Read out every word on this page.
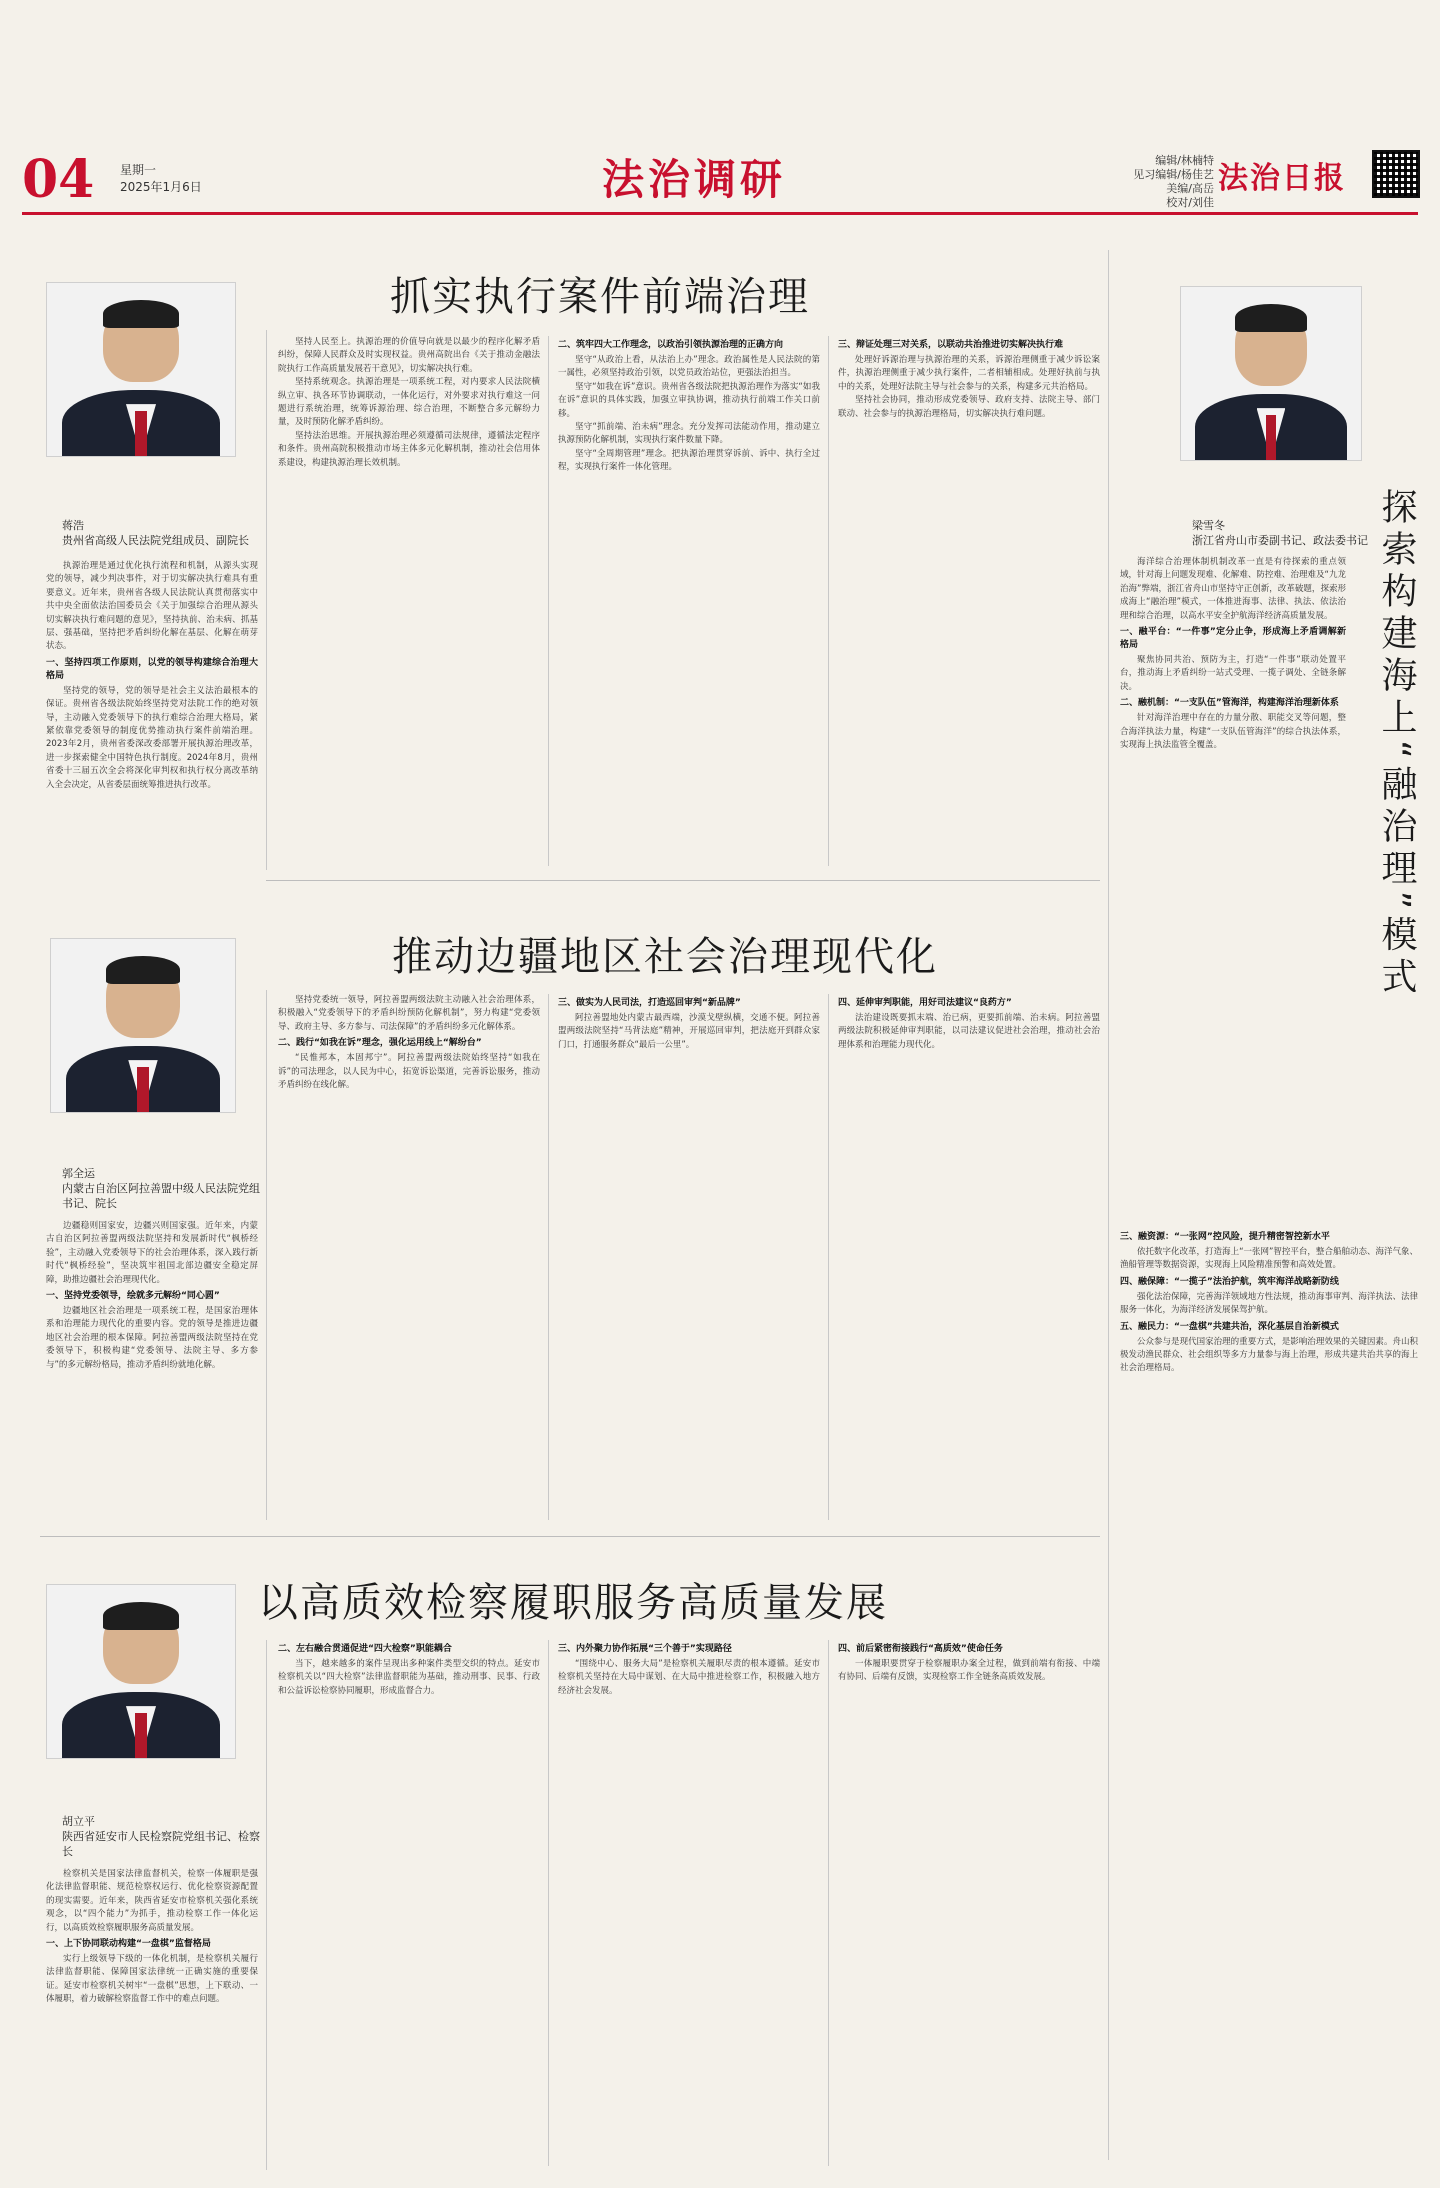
04 星期一
2025年1月6日	法治调研	编辑/林楠特
见习编辑/杨佳艺
美编/高岳
校对/刘佳
法治日报
抓实执行案件前端治理
蒋浩
贵州省高级人民法院党组成员、副院长

执源治理是通过优化执行流程和机制，从源头实现党的领导，减少判决事件，对于切实解决执行难具有重要意义。近年来，贵州省各级人民法院认真贯彻落实中共中央全面依法治国委员会《关于加强综合治理从源头切实解决执行难问题的意见》，坚持执前、治未病、抓基层、强基础，坚持把矛盾纠纷化解在基层、化解在萌芽状态。

一、坚持四项工作原则，以党的领导构建综合治理大格局

坚持党的领导，党的领导是社会主义法治最根本的保证。贵州省各级法院始终坚持党对法院工作的绝对领导，主动融入党委领导下的执行难综合治理大格局，紧紧依靠党委领导的制度优势推动执行案件前端治理。2023年2月，贵州省委深改委部署开展执源治理改革，进一步探索健全中国特色执行制度。2024年8月，贵州省委十三届五次全会将深化审判权和执行权分离改革纳入全会决定，从省委层面统筹推进执行改革。

坚持人民至上。执源治理的价值导向就是以最少的程序化解矛盾纠纷，保障人民群众及时实现权益。贵州高院出台《关于推动金融法院执行工作高质量发展若干意见》，切实解决执行难。

坚持系统观念。执源治理是一项系统工程，对内要求人民法院横纵立审、执各环节协调联动，一体化运行，对外要求对执行难这一问题进行系统治理，统筹诉源治理、综合治理，不断整合多元解纷力量，及时预防化解矛盾纠纷。

坚持法治思维。开展执源治理必须遵循司法规律，遵循法定程序和条件。贵州高院积极推动市场主体多元化解机制，推动社会信用体系建设，构建执源治理长效机制。

二、筑牢四大工作理念，以政治引领执源治理的正确方向

坚守“从政治上看，从法治上办”理念。政治属性是人民法院的第一属性，必须坚持政治引领，以党员政治站位，更强法治担当。

坚守“如我在诉”意识。贵州省各级法院把执源治理作为落实“如我在诉”意识的具体实践，加强立审执协调，推动执行前端工作关口前移。

坚守“抓前端、治未病”理念。充分发挥司法能动作用，推动建立执源预防化解机制，实现执行案件数量下降。

坚守“全周期管理”理念。把执源治理贯穿诉前、诉中、执行全过程，实现执行案件一体化管理。

三、辩证处理三对关系，以联动共治推进切实解决执行难

处理好诉源治理与执源治理的关系，诉源治理侧重于减少诉讼案件，执源治理侧重于减少执行案件，二者相辅相成。处理好执前与执中的关系，处理好法院主导与社会参与的关系，构建多元共治格局。

坚持社会协同，推动形成党委领导、政府支持、法院主导、部门联动、社会参与的执源治理格局，切实解决执行难问题。

梁雪冬
浙江省舟山市委副书记、政法委书记 探索构建海上“融治理”模式

海洋综合治理体制机制改革一直是有待探索的重点领域，针对海上问题发现难、化解难、防控难、治理难及“九龙治海”弊端，浙江省舟山市坚持守正创新，改革破题，探索形成海上“融治理”模式，一体推进海事、法律、执法、依法治理和综合治理，以高水平安全护航海洋经济高质量发展。

一、融平台：“一件事”定分止争，形成海上矛盾调解新格局

聚焦协同共治、预防为主，打造“一件事”联动处置平台，推动海上矛盾纠纷一站式受理、一揽子调处、全链条解决。

二、融机制：“一支队伍”管海洋，构建海洋治理新体系

针对海洋治理中存在的力量分散、职能交叉等问题，整合海洋执法力量，构建“一支队伍管海洋”的综合执法体系，实现海上执法监管全覆盖。

三、融资源：“一张网”控风险，提升精密智控新水平

依托数字化改革，打造海上“一张网”智控平台，整合船舶动态、海洋气象、渔船管理等数据资源，实现海上风险精准预警和高效处置。

四、融保障：“一揽子”法治护航，筑牢海洋战略新防线

强化法治保障，完善海洋领域地方性法规，推动海事审判、海洋执法、法律服务一体化，为海洋经济发展保驾护航。

五、融民力：“一盘棋”共建共治，深化基层自治新模式

公众参与是现代国家治理的重要方式，是影响治理效果的关键因素。舟山积极发动渔民群众、社会组织等多方力量参与海上治理，形成共建共治共享的海上社会治理格局。

推动边疆地区社会治理现代化
郭全运
内蒙古自治区阿拉善盟中级人民法院党组书记、院长

边疆稳则国家安，边疆兴则国家强。近年来，内蒙古自治区阿拉善盟两级法院坚持和发展新时代“枫桥经验”，主动融入党委领导下的社会治理体系，深入践行新时代“枫桥经验”，坚决筑牢祖国北部边疆安全稳定屏障，助推边疆社会治理现代化。

一、坚持党委领导，绘就多元解纷“同心圆”

边疆地区社会治理是一项系统工程，是国家治理体系和治理能力现代化的重要内容。党的领导是推进边疆地区社会治理的根本保障。阿拉善盟两级法院坚持在党委领导下，积极构建“党委领导、法院主导、多方参与”的多元解纷格局，推动矛盾纠纷就地化解。

坚持党委统一领导，阿拉善盟两级法院主动融入社会治理体系，积极融入“党委领导下的矛盾纠纷预防化解机制”，努力构建“党委领导、政府主导、多方参与、司法保障”的矛盾纠纷多元化解体系。

二、践行“如我在诉”理念，强化运用线上“解纷台”

“民惟邦本，本固邦宁”。阿拉善盟两级法院始终坚持“如我在诉”的司法理念，以人民为中心，拓宽诉讼渠道，完善诉讼服务，推动矛盾纠纷在线化解。

三、做实为人民司法，打造巡回审判“新品牌”

阿拉善盟地处内蒙古最西端，沙漠戈壁纵横，交通不便。阿拉善盟两级法院坚持“马背法庭”精神，开展巡回审判，把法庭开到群众家门口，打通服务群众“最后一公里”。

四、延伸审判职能，用好司法建议“良药方”

法治建设既要抓末端、治已病，更要抓前端、治未病。阿拉善盟两级法院积极延伸审判职能，以司法建议促进社会治理，推动社会治理体系和治理能力现代化。

以高质效检察履职服务高质量发展
胡立平
陕西省延安市人民检察院党组书记、检察长

检察机关是国家法律监督机关，检察一体履职是强化法律监督职能、规范检察权运行、优化检察资源配置的现实需要。近年来，陕西省延安市检察机关强化系统观念，以“四个能力”为抓手，推动检察工作一体化运行，以高质效检察履职服务高质量发展。

一、上下协同联动构建“一盘棋”监督格局

实行上级领导下级的一体化机制，是检察机关履行法律监督职能、保障国家法律统一正确实施的重要保证。延安市检察机关树牢“一盘棋”思想，上下联动、一体履职，着力破解检察监督工作中的难点问题。

二、左右融合贯通促进“四大检察”职能耦合

当下，越来越多的案件呈现出多种案件类型交织的特点。延安市检察机关以“四大检察”法律监督职能为基础，推动刑事、民事、行政和公益诉讼检察协同履职，形成监督合力。

三、内外聚力协作拓展“三个善于”实现路径

“围绕中心、服务大局”是检察机关履职尽责的根本遵循。延安市检察机关坚持在大局中谋划、在大局中推进检察工作，积极融入地方经济社会发展。

四、前后紧密衔接践行“高质效”使命任务

一体履职要贯穿于检察履职办案全过程，做到前端有衔接、中端有协同、后端有反馈，实现检察工作全链条高质效发展。
